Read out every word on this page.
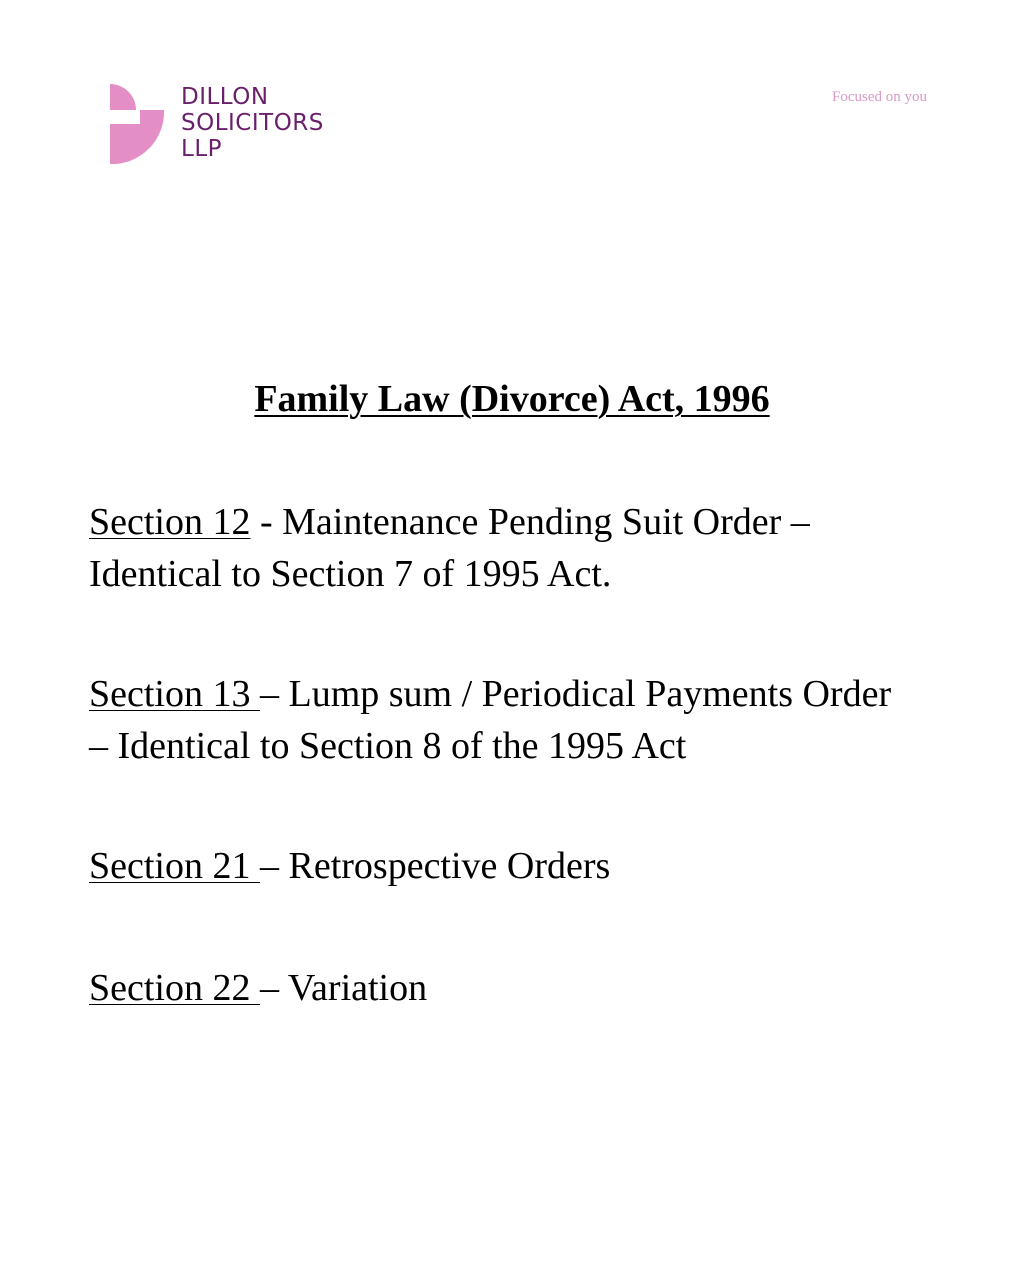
DILLON
SOLICITORS
LLP
Focused on you
Family Law (Divorce) Act, 1996
Section 12 - Maintenance Pending Suit Order – Identical to Section 7 of 1995 Act.
Section 13 – Lump sum / Periodical Payments Order – Identical to Section 8 of the 1995 Act
Section 21 – Retrospective Orders
Section 22 – Variation
